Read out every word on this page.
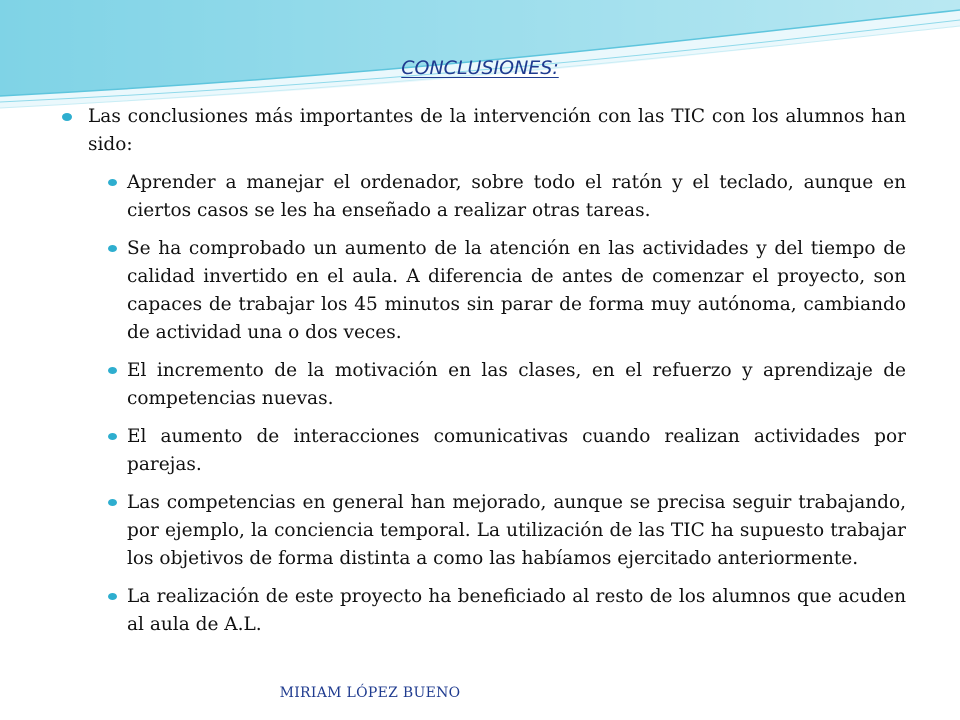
CONCLUSIONES:

Las conclusiones más importantes de la intervención con las TIC con los alumnos han sido:

Aprender a manejar el ordenador, sobre todo el ratón y el teclado, aunque en ciertos casos se les ha enseñado a realizar otras tareas.
Se ha comprobado un aumento de la atención en las actividades y del tiempo de calidad invertido en el aula. A diferencia de antes de comenzar el proyecto, son capaces de trabajar los 45 minutos sin parar de forma muy autónoma, cambiando de actividad una o dos veces.
El incremento de la motivación en las clases, en el refuerzo y aprendizaje de competencias nuevas.
El aumento de interacciones comunicativas cuando realizan actividades por parejas.
Las competencias en general han mejorado, aunque se precisa seguir trabajando, por ejemplo, la conciencia temporal. La utilización de las TIC ha supuesto trabajar los objetivos de forma distinta a como las habíamos ejercitado anteriormente.
La realización de este proyecto ha beneficiado al resto de los alumnos que acuden al aula de A.L.
MIRIAM LÓPEZ BUENO
